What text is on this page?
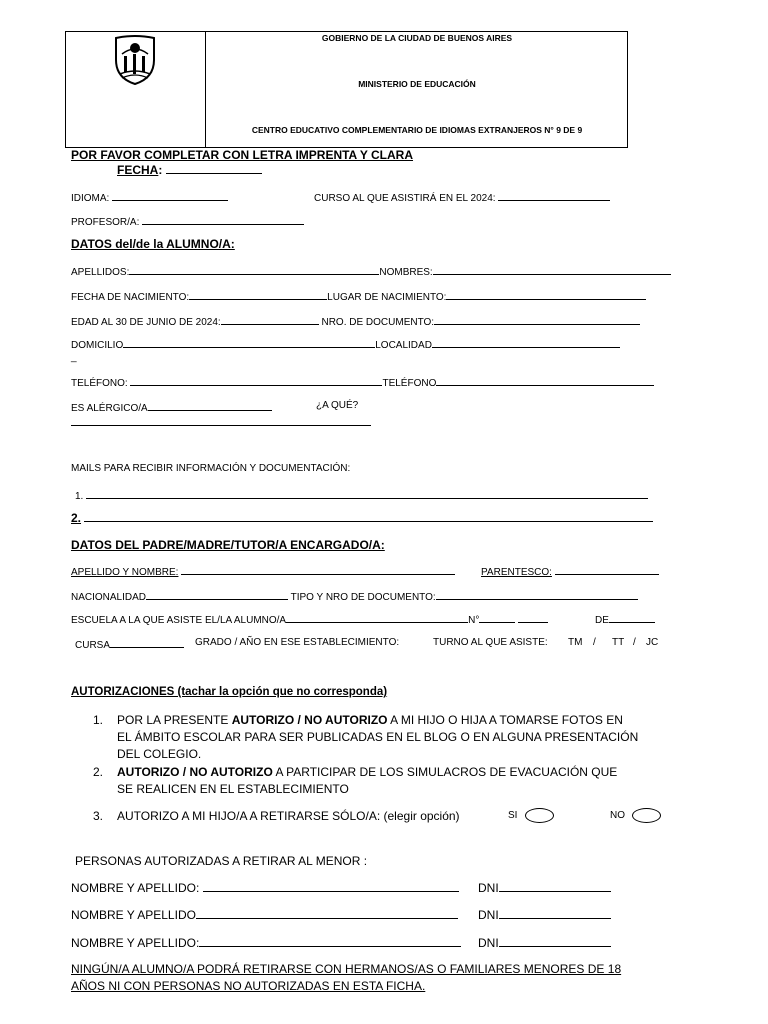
GOBIERNO DE LA CIUDAD DE BUENOS AIRES
MINISTERIO DE EDUCACIÓN
CENTRO EDUCATIVO COMPLEMENTARIO DE IDIOMAS EXTRANJEROS N° 9 DE 9
POR FAVOR COMPLETAR CON LETRA IMPRENTA Y CLARA
FECHA:
IDIOMA:	CURSO AL QUE ASISTIRÁ EN EL 2024:
PROFESOR/A:
DATOS del/de la ALUMNO/A:
APELLIDOS:	NOMBRES:
FECHA DE NACIMIENTO:	LUGAR DE NACIMIENTO:
EDAD AL 30 DE JUNIO DE 2024:	NRO. DE DOCUMENTO:
DOMICILIO	LOCALIDAD
_
TELÉFONO:	TELÉFONO
ES ALÉRGICO/A	¿A QUÉ?
MAILS PARA RECIBIR INFORMACIÓN Y DOCUMENTACIÓN:
1.
2.
DATOS DEL PADRE/MADRE/TUTOR/A ENCARGADO/A:
APELLIDO Y NOMBRE:	PARENTESCO:
NACIONALIDAD	TIPO Y NRO DE DOCUMENTO:
ESCUELA A LA QUE ASISTE EL/LA ALUMNO/A	N°	DE
CURSA	GRADO / AÑO EN ESE ESTABLECIMIENTO:	TURNO AL QUE ASISTE: TM / TT / JC
AUTORIZACIONES (tachar la opción que no corresponda)
1. POR LA PRESENTE AUTORIZO / NO AUTORIZO A MI HIJO O HIJA A TOMARSE FOTOS EN
EL ÁMBITO ESCOLAR PARA SER PUBLICADAS EN EL BLOG O EN ALGUNA PRESENTACIÓN
DEL COLEGIO.
2. AUTORIZO / NO AUTORIZO A PARTICIPAR DE LOS SIMULACROS DE EVACUACIÓN QUE
SE REALICEN EN EL ESTABLECIMIENTO
3. AUTORIZO A MI HIJO/A A RETIRARSE SÓLO/A: (elegir opción)	SI	NO
PERSONAS AUTORIZADAS A RETIRAR AL MENOR :
NOMBRE Y APELLIDO:	DNI
NOMBRE Y APELLIDO	DNI
NOMBRE Y APELLIDO:	DNI
NINGÚN/A ALUMNO/A PODRÁ RETIRARSE CON HERMANOS/AS O FAMILIARES MENORES DE 18
AÑOS NI CON PERSONAS NO AUTORIZADAS EN ESTA FICHA.
